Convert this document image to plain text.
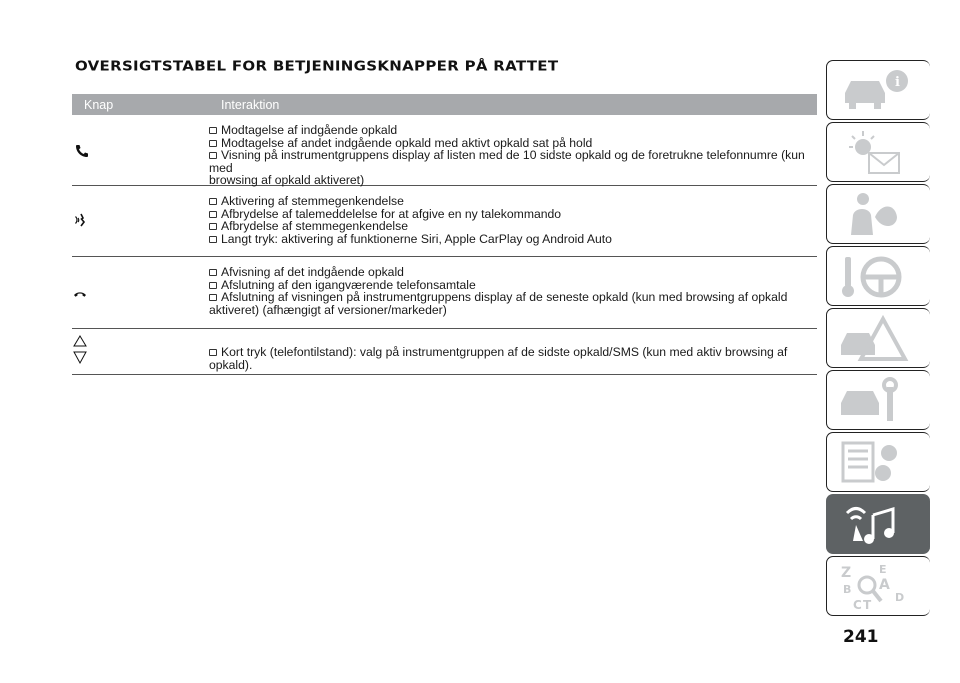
OVERSIGTSTABEL FOR BETJENINGSKNAPPER PÅ RATTET
Knap	Interaktion
Modtagelse af indgående opkald
Modtagelse af andet indgående opkald med aktivt opkald sat på hold
Visning på instrumentgruppens display af listen med de 10 sidste opkald og de foretrukne telefonnumre (kun med
browsing af opkald aktiveret)
Aktivering af stemmegenkendelse
Afbrydelse af talemeddelelse for at afgive en ny talekommando
Afbrydelse af stemmegenkendelse
Langt tryk: aktivering af funktionerne Siri, Apple CarPlay og Android Auto
Afvisning af det indgående opkald
Afslutning af den igangværende telefonsamtale
Afslutning af visningen på instrumentgruppens display af de seneste opkald (kun med browsing af opkald
aktiveret) (afhængigt af versioner/markeder)
Kort tryk (telefontilstand): valg på instrumentgruppen af de sidste opkald/SMS (kun med aktiv browsing af opkald).
i
Z	E
B A
C T
D
241
